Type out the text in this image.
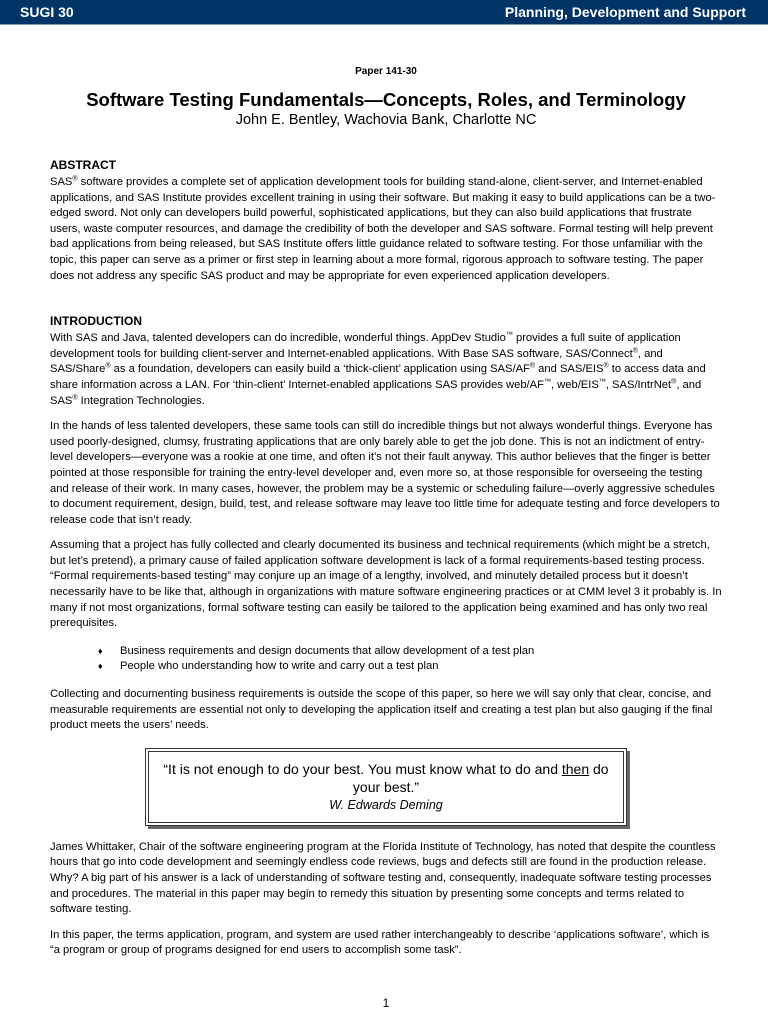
SUGI 30	Planning, Development and Support
Paper 141-30
Software Testing Fundamentals—Concepts, Roles, and Terminology
John E. Bentley, Wachovia Bank, Charlotte NC
ABSTRACT

SAS® software provides a complete set of application development tools for building stand-alone, client-server, and Internet-enabled applications, and SAS Institute provides excellent training in using their software. But making it easy to build applications can be a two-edged sword. Not only can developers build powerful, sophisticated applications, but they can also build applications that frustrate users, waste computer resources, and damage the credibility of both the developer and SAS software. Formal testing will help prevent bad applications from being released, but SAS Institute offers little guidance related to software testing. For those unfamiliar with the topic, this paper can serve as a primer or first step in learning about a more formal, rigorous approach to software testing. The paper does not address any specific SAS product and may be appropriate for even experienced application developers.

INTRODUCTION

With SAS and Java, talented developers can do incredible, wonderful things. AppDev Studio™ provides a full suite of application development tools for building client-server and Internet-enabled applications. With Base SAS software, SAS/Connect®, and SAS/Share® as a foundation, developers can easily build a ‘thick-client’ application using SAS/AF® and SAS/EIS® to access data and share information across a LAN. For ‘thin-client’ Internet-enabled applications SAS provides web/AF™, web/EIS™, SAS/IntrNet®, and SAS® Integration Technologies.

In the hands of less talented developers, these same tools can still do incredible things but not always wonderful things. Everyone has used poorly-designed, clumsy, frustrating applications that are only barely able to get the job done. This is not an indictment of entry-level developers—everyone was a rookie at one time, and often it’s not their fault anyway. This author believes that the finger is better pointed at those responsible for training the entry-level developer and, even more so, at those responsible for overseeing the testing and release of their work. In many cases, however, the problem may be a systemic or scheduling failure—overly aggressive schedules to document requirement, design, build, test, and release software may leave too little time for adequate testing and force developers to release code that isn’t ready.

Assuming that a project has fully collected and clearly documented its business and technical requirements (which might be a stretch, but let’s pretend), a primary cause of failed application software development is lack of a formal requirements-based testing process. “Formal requirements-based testing” may conjure up an image of a lengthy, involved, and minutely detailed process but it doesn’t necessarily have to be like that, although in organizations with mature software engineering practices or at CMM level 3 it probably is. In many if not most organizations, formal software testing can easily be tailored to the application being examined and has only two real prerequisites.

♦ Business requirements and design documents that allow development of a test plan
♦ People who understanding how to write and carry out a test plan

Collecting and documenting business requirements is outside the scope of this paper, so here we will say only that clear, concise, and measurable requirements are essential not only to developing the application itself and creating a test plan but also gauging if the final product meets the users’ needs.

“It is not enough to do your best. You must know what to do and then do your best.”
W. Edwards Deming

James Whittaker, Chair of the software engineering program at the Florida Institute of Technology, has noted that despite the countless hours that go into code development and seemingly endless code reviews, bugs and defects still are found in the production release. Why? A big part of his answer is a lack of understanding of software testing and, consequently, inadequate software testing processes and procedures. The material in this paper may begin to remedy this situation by presenting some concepts and terms related to software testing.

In this paper, the terms application, program, and system are used rather interchangeably to describe ‘applications software’, which is “a program or group of programs designed for end users to accomplish some task”.

1
